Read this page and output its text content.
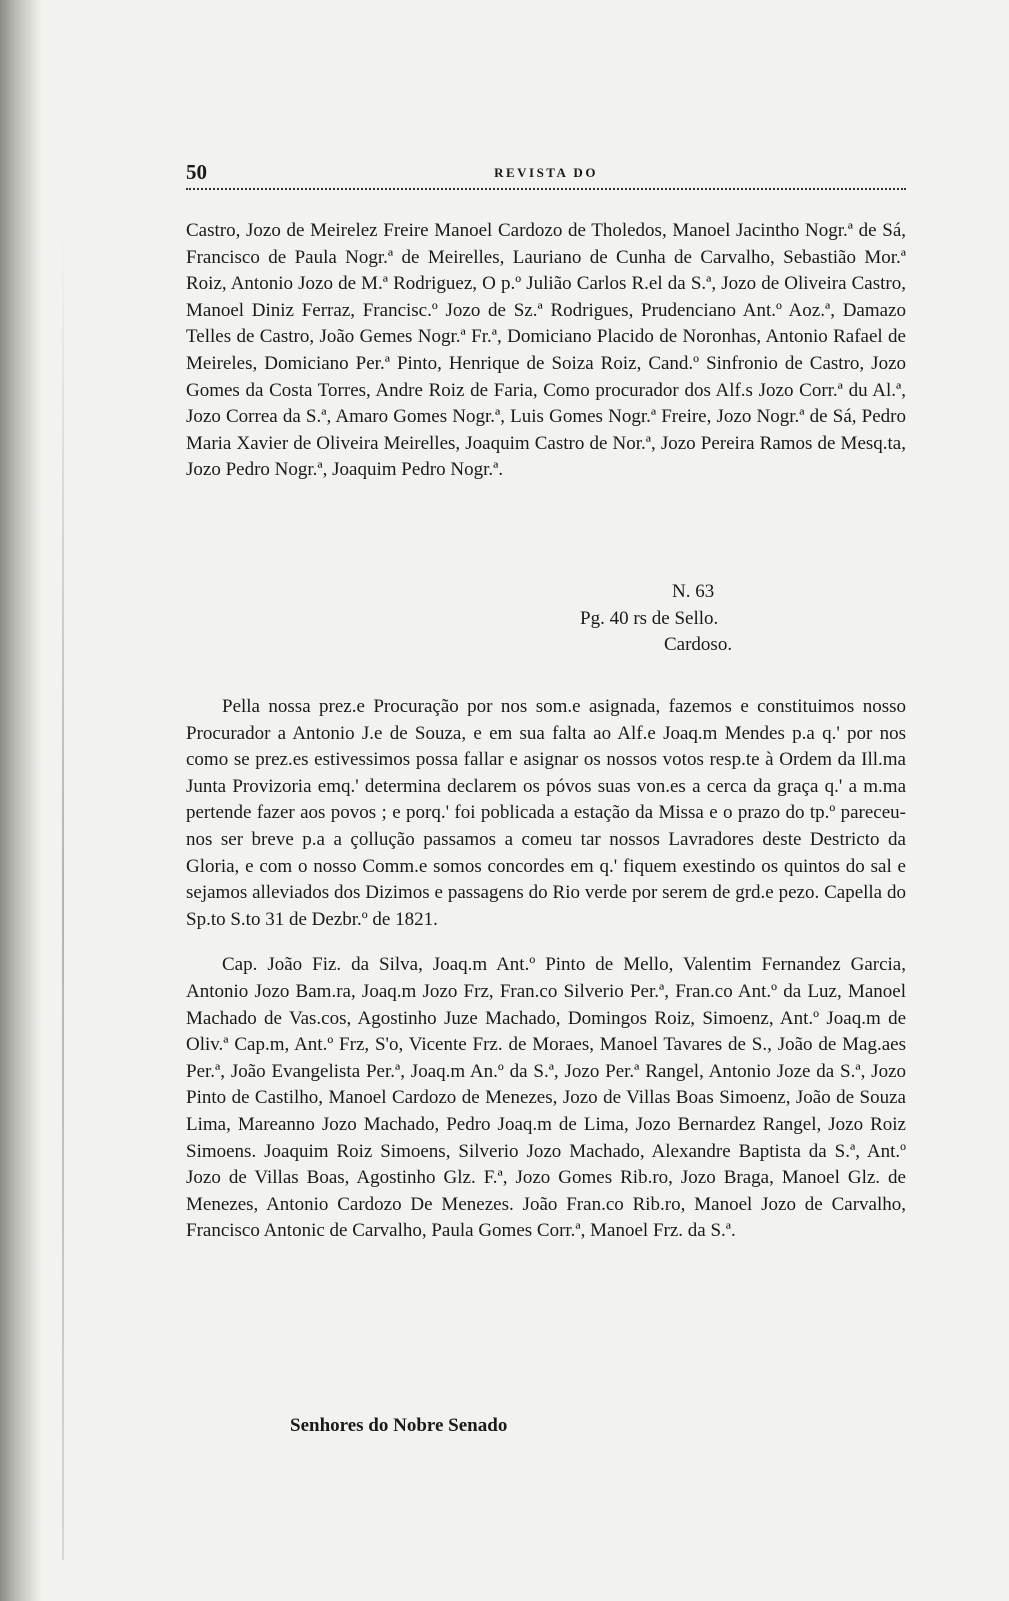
50	REVISTA DO

Castro, Jozo de Meirelez Freire Manoel Cardozo de Tholedos, Manoel Jacintho Nogr.ª de Sá, Francisco de Paula Nogr.ª de Meirelles, Lauriano de Cunha de Carvalho, Sebastião Mor.ª Roiz, Antonio Jozo de M.ª Rodriguez, O p.º Julião Carlos R.el da S.ª, Jozo de Oliveira Castro, Manoel Diniz Ferraz, Francisc.º Jozo de Sz.ª Rodrigues, Prudenciano Ant.º Aoz.ª, Damazo Telles de Castro, João Gemes Nogr.ª Fr.ª, Domiciano Placido de Noronhas, Antonio Rafael de Meireles, Domiciano Per.ª Pinto, Henrique de Soiza Roiz, Cand.º Sinfronio de Castro, Jozo Gomes da Costa Torres, Andre Roiz de Faria, Como procurador dos Alf.s Jozo Corr.ª du Al.ª, Jozo Correa da S.ª, Amaro Gomes Nogr.ª, Luis Gomes Nogr.ª Freire, Jozo Nogr.ª de Sá, Pedro Maria Xavier de Oliveira Meirelles, Joaquim Castro de Nor.ª, Jozo Pereira Ramos de Mesq.ta, Jozo Pedro Nogr.ª, Joaquim Pedro Nogr.ª.

N. 63
Pg. 40 rs de Sello.
Cardoso.

Pella nossa prez.e Procuração por nos som.e asignada, fazemos e constituimos nosso Procurador a Antonio J.e de Souza, e em sua falta ao Alf.e Joaq.m Mendes p.a q.' por nos como se prez.es estivessimos possa fallar e asignar os nossos votos resp.te à Ordem da Ill.ma Junta Provizoria emq.' determina declarem os póvos suas von.es a cerca da graça q.' a m.ma pertende fazer aos povos ; e porq.' foi poblicada a estação da Missa e o prazo do tp.º pareceu-nos ser breve p.a a çollução passamos a comeu tar nossos Lavradores deste Destricto da Gloria, e com o nosso Comm.e somos concordes em q.' fiquem exestindo os quintos do sal e sejamos alleviados dos Dizimos e passagens do Rio verde por serem de grd.e pezo. Capella do Sp.to S.to 31 de Dezbr.º de 1821.

Cap. João Fiz. da Silva, Joaq.m Ant.º Pinto de Mello, Valentim Fernandez Garcia, Antonio Jozo Bam.ra, Joaq.m Jozo Frz, Fran.co Silverio Per.ª, Fran.co Ant.º da Luz, Manoel Machado de Vas.cos, Agostinho Juze Machado, Domingos Roiz, Simoenz, Ant.º Joaq.m de Oliv.ª Cap.m, Ant.º Frz, S'o, Vicente Frz. de Moraes, Manoel Tavares de S., João de Mag.aes Per.ª, João Evangelista Per.ª, Joaq.m An.º da S.ª, Jozo Per.ª Rangel, Antonio Joze da S.ª, Jozo Pinto de Castilho, Manoel Cardozo de Menezes, Jozo de Villas Boas Simoenz, João de Souza Lima, Mareanno Jozo Machado, Pedro Joaq.m de Lima, Jozo Bernardez Rangel, Jozo Roiz Simoens. Joaquim Roiz Simoens, Silverio Jozo Machado, Alexandre Baptista da S.ª, Ant.º Jozo de Villas Boas, Agostinho Glz. F.ª, Jozo Gomes Rib.ro, Jozo Braga, Manoel Glz. de Menezes, Antonio Cardozo De Menezes. João Fran.co Rib.ro, Manoel Jozo de Carvalho, Francisco Antonic de Carvalho, Paula Gomes Corr.ª, Manoel Frz. da S.ª.

Senhores do Nobre Senado
